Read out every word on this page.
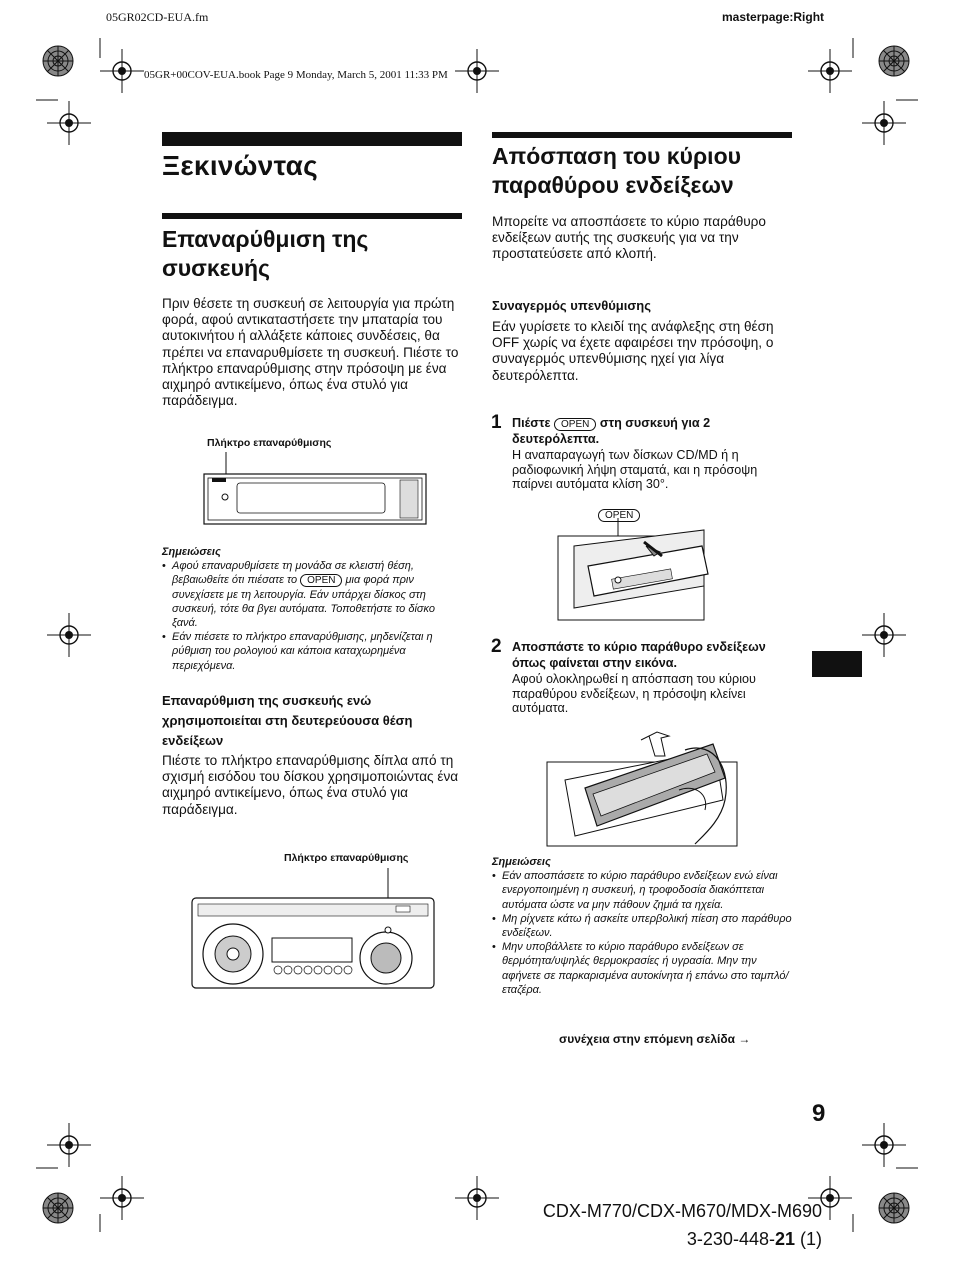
05GR02CD-EUA.fm	masterpage:Right
05GR+00COV-EUA.book Page 9 Monday, March 5, 2001 11:33 PM
Ξεκινώντας
Επαναρύθμιση της συσκευής
Πριν θέσετε τη συσκευή σε λειτουργία για πρώτη φορά, αφού αντικαταστήσετε την μπαταρία του αυτοκινήτου ή αλλάξετε κάποιες συνδέσεις, θα πρέπει να επαναρυθμίσετε τη συσκευή. Πιέστε το πλήκτρο επαναρύθμισης στην πρόσοψη με ένα αιχμηρό αντικείμενο, όπως ένα στυλό για παράδειγμα.
Πλήκτρο επαναρύθμισης
Σημειώσεις
• Αφού επαναρυθμίσετε τη μονάδα σε κλειστή θέση, βεβαιωθείτε ότι πιέσατε το OPEN μια φορά πριν συνεχίσετε με τη λειτουργία. Εάν υπάρχει δίσκος στη συσκευή, τότε θα βγει αυτόματα. Τοποθετήστε το δίσκο ξανά.
• Εάν πιέσετε το πλήκτρο επαναρύθμισης, μηδενίζεται η ρύθμιση του ρολογιού και κάποια καταχωρημένα περιεχόμενα.
Επαναρύθμιση της συσκευής ενώ χρησιμοποιείται στη δευτερεύουσα θέση ενδείξεων
Πιέστε το πλήκτρο επαναρύθμισης δίπλα από τη σχισμή εισόδου του δίσκου χρησιμοποιώντας ένα αιχμηρό αντικείμενο, όπως ένα στυλό για παράδειγμα.
Πλήκτρο επαναρύθμισης
Απόσπαση του κύριου παραθύρου ενδείξεων
Μπορείτε να αποσπάσετε το κύριο παράθυρο ενδείξεων αυτής της συσκευής για να την προστατεύσετε από κλοπή.
Συναγερμός υπενθύμισης
Εάν γυρίσετε το κλειδί της ανάφλεξης στη θέση OFF χωρίς να έχετε αφαιρέσει την πρόσοψη, ο συναγερμός υπενθύμισης ηχεί για λίγα δευτερόλεπτα.
1 Πιέστε OPEN στη συσκευή για 2 δευτερόλεπτα.
Η αναπαραγωγή των δίσκων CD/MD ή η ραδιοφωνική λήψη σταματά, και η πρόσοψη παίρνει αυτόματα κλίση 30°.
OPEN
2 Αποσπάστε το κύριο παράθυρο ενδείξεων όπως φαίνεται στην εικόνα.
Αφού ολοκληρωθεί η απόσπαση του κύριου παραθύρου ενδείξεων, η πρόσοψη κλείνει αυτόματα.
Σημειώσεις
• Εάν αποσπάσετε το κύριο παράθυρο ενδείξεων ενώ είναι ενεργοποιημένη η συσκευή, η τροφοδοσία διακόπτεται αυτόματα ώστε να μην πάθουν ζημιά τα ηχεία.
• Μη ρίχνετε κάτω ή ασκείτε υπερβολική πίεση στο παράθυρο ενδείξεων.
• Μην υποβάλλετε το κύριο παράθυρο ενδείξεων σε θερμότητα/υψηλές θερμοκρασίες ή υγρασία. Μην την αφήνετε σε παρκαρισμένα αυτοκίνητα ή επάνω στο ταμπλό/εταζέρα.
συνέχεια στην επόμενη σελίδα →
9
CDX-M770/CDX-M670/MDX-M690
3-230-448-21 (1)
